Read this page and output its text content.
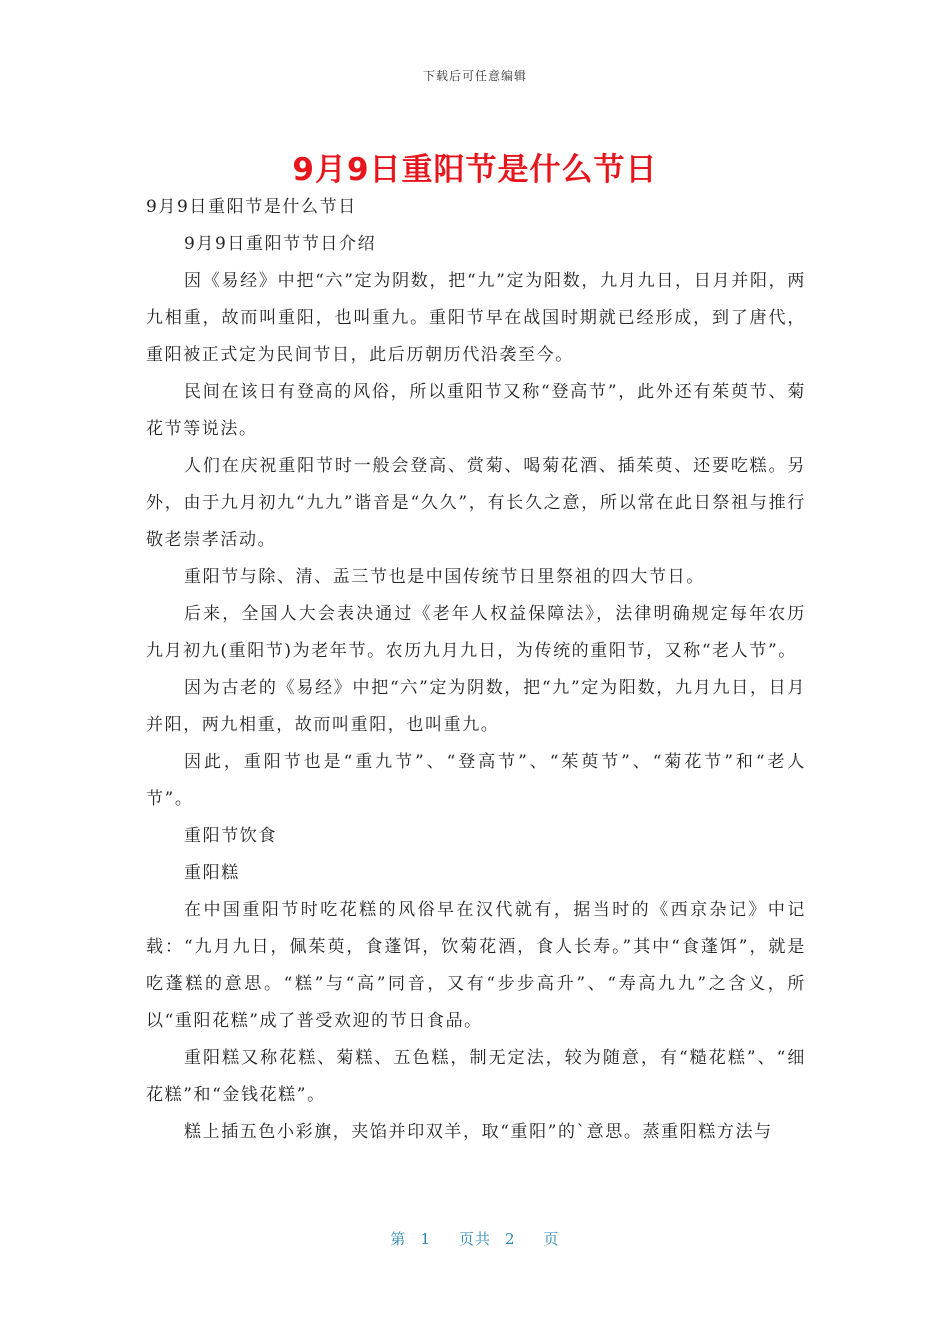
下载后可任意编辑
9月9日重阳节是什么节日

9月9日重阳节是什么节日

9月9日重阳节节日介绍

因《易经》中把“六”定为阴数，把“九”定为阳数，九月九日，日月并阳，两九相重，故而叫重阳，也叫重九。重阳节早在战国时期就已经形成，到了唐代，重阳被正式定为民间节日，此后历朝历代沿袭至今。

民间在该日有登高的风俗，所以重阳节又称“登高节”，此外还有茱萸节、菊花节等说法。

人们在庆祝重阳节时一般会登高、赏菊、喝菊花酒、插茱萸、还要吃糕。另外，由于九月初九“九九”谐音是“久久”，有长久之意，所以常在此日祭祖与推行敬老崇孝活动。

重阳节与除、清、盂三节也是中国传统节日里祭祖的四大节日。

后来，全国人大会表决通过《老年人权益保障法》，法律明确规定每年农历九月初九(重阳节)为老年节。农历九月九日，为传统的重阳节，又称“老人节”。

因为古老的《易经》中把“六”定为阴数，把“九”定为阳数，九月九日，日月并阳，两九相重，故而叫重阳，也叫重九。

因此，重阳节也是“重九节”、“登高节”、“茱萸节”、“菊花节”和“老人节”。

重阳节饮食

重阳糕

在中国重阳节时吃花糕的风俗早在汉代就有，据当时的《西京杂记》中记载：“九月九日，佩茱萸，食蓬饵，饮菊花酒，食人长寿。”其中“食蓬饵”，就是吃蓬糕的意思。“糕”与“高”同音，又有“步步高升”、“寿高九九”之含义，所以“重阳花糕”成了普受欢迎的节日食品。

重阳糕又称花糕、菊糕、五色糕，制无定法，较为随意，有“糙花糕”、“细花糕”和“金钱花糕”。

糕上插五色小彩旗，夹馅并印双羊，取“重阳”的`意思。蒸重阳糕方法与

第 1 页共 2 页
